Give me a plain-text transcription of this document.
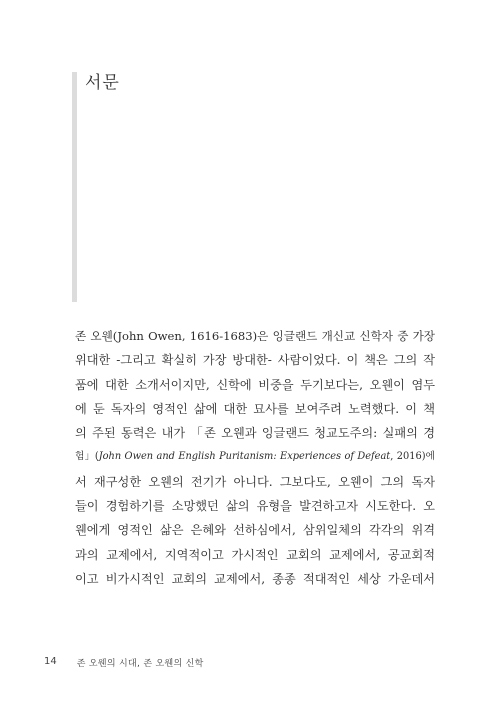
서문
존 오웬(John Owen, 1616-1683)은 잉글랜드 개신교 신학자 중 가장
위대한 -그리고 확실히 가장 방대한- 사람이었다. 이 책은 그의 작
품에 대한 소개서이지만, 신학에 비중을 두기보다는, 오웬이 염두
에 둔 독자의 영적인 삶에 대한 묘사를 보여주려 노력했다. 이 책
의 주된 동력은 내가 「존 오웬과 잉글랜드 청교도주의: 실패의 경
험」(John Owen and English Puritanism: Experiences of Defeat, 2016)에
서 재구성한 오웬의 전기가 아니다. 그보다도, 오웬이 그의 독자
들이 경험하기를 소망했던 삶의 유형을 발견하고자 시도한다. 오
웬에게 영적인 삶은 은혜와 선하심에서, 삼위일체의 각각의 위격
과의 교제에서, 지역적이고 가시적인 교회의 교제에서, 공교회적
이고 비가시적인 교회의 교제에서, 종종 적대적인 세상 가운데서
14 존 오웬의 시대, 존 오웬의 신학
